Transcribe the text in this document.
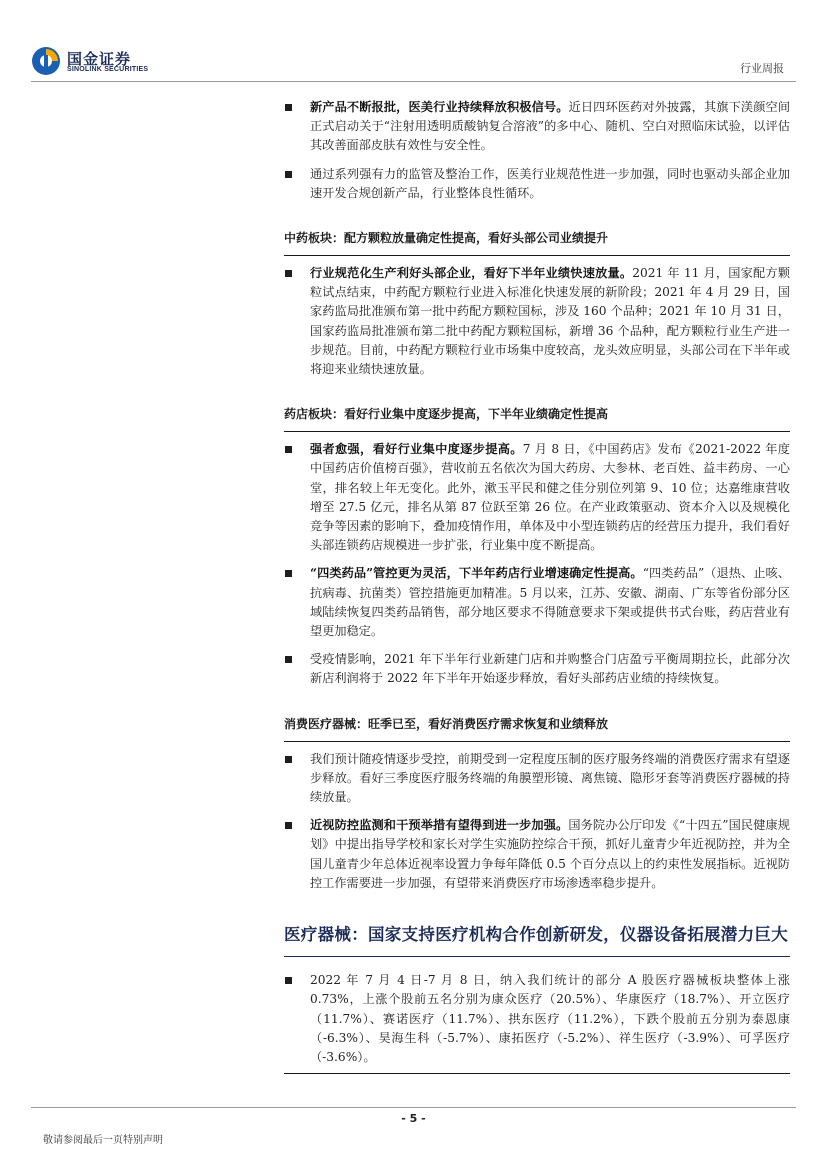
国金证券
SINOLINK SECURITIES	行业周报
新产品不断报批，医美行业持续释放积极信号。近日四环医药对外披露，其旗下渼颜空间正式启动关于“注射用透明质酸钠复合溶液”的多中心、随机、空白对照临床试验，以评估其改善面部皮肤有效性与安全性。
通过系列强有力的监管及整治工作，医美行业规范性进一步加强，同时也驱动头部企业加速开发合规创新产品，行业整体良性循环。
中药板块：配方颗粒放量确定性提高，看好头部公司业绩提升
行业规范化生产利好头部企业，看好下半年业绩快速放量。2021 年 11 月，国家配方颗粒试点结束，中药配方颗粒行业进入标准化快速发展的新阶段；2021 年 4 月 29 日，国家药监局批准颁布第一批中药配方颗粒国标，涉及 160 个品种；2021 年 10 月 31 日，国家药监局批准颁布第二批中药配方颗粒国标，新增 36 个品种，配方颗粒行业生产进一步规范。目前，中药配方颗粒行业市场集中度较高，龙头效应明显，头部公司在下半年或将迎来业绩快速放量。
药店板块：看好行业集中度逐步提高，下半年业绩确定性提高
强者愈强，看好行业集中度逐步提高。7 月 8 日，《中国药店》发布《2021-2022 年度中国药店价值榜百强》，营收前五名依次为国大药房、大参林、老百姓、益丰药房、一心堂，排名较上年无变化。此外，漱玉平民和健之佳分别位列第 9、10 位；达嘉维康营收增至 27.5 亿元，排名从第 87 位跃至第 26 位。在产业政策驱动、资本介入以及规模化竞争等因素的影响下，叠加疫情作用，单体及中小型连锁药店的经营压力提升，我们看好头部连锁药店规模进一步扩张，行业集中度不断提高。
“四类药品”管控更为灵活，下半年药店行业增速确定性提高。“四类药品”（退热、止咳、抗病毒、抗菌类）管控措施更加精准。5 月以来，江苏、安徽、湖南、广东等省份部分区域陆续恢复四类药品销售，部分地区要求不得随意要求下架或提供书式台账，药店营业有望更加稳定。
受疫情影响，2021 年下半年行业新建门店和并购整合门店盈亏平衡周期拉长，此部分次新店利润将于 2022 年下半年开始逐步释放，看好头部药店业绩的持续恢复。
消费医疗器械：旺季已至，看好消费医疗需求恢复和业绩释放
我们预计随疫情逐步受控，前期受到一定程度压制的医疗服务终端的消费医疗需求有望逐步释放。看好三季度医疗服务终端的角膜塑形镜、离焦镜、隐形牙套等消费医疗器械的持续放量。
近视防控监测和干预举措有望得到进一步加强。国务院办公厅印发《“十四五”国民健康规划》中提出指导学校和家长对学生实施防控综合干预，抓好儿童青少年近视防控，并为全国儿童青少年总体近视率设置力争每年降低 0.5 个百分点以上的约束性发展指标。近视防控工作需要进一步加强，有望带来消费医疗市场渗透率稳步提升。
医疗器械：国家支持医疗机构合作创新研发，仪器设备拓展潜力巨大
2022 年 7 月 4 日-7 月 8 日，纳入我们统计的部分 A 股医疗器械板块整体上涨 0.73%，上涨个股前五名分别为康众医疗（20.5%）、华康医疗（18.7%）、开立医疗（11.7%）、赛诺医疗（11.7%）、拱东医疗（11.2%），下跌个股前五分别为泰恩康（-6.3%）、昊海生科（-5.7%）、康拓医疗（-5.2%）、祥生医疗（-3.9%）、可孚医疗（-3.6%）。
- 5 -
敬请参阅最后一页特别声明
